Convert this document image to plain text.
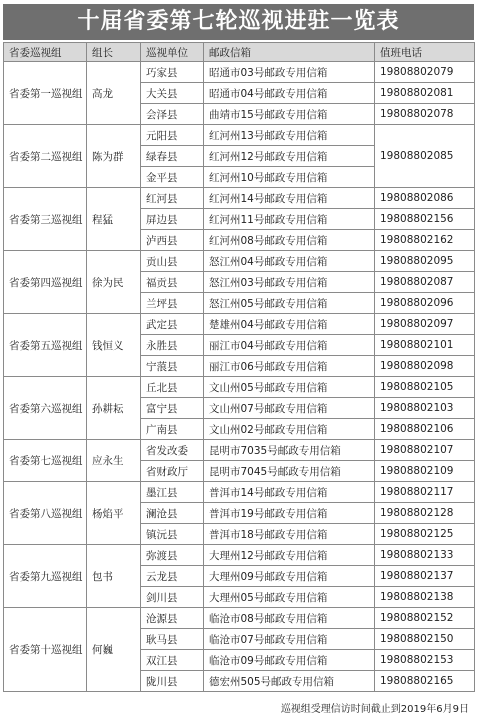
十届省委第七轮巡视进驻一览表
省委巡视组	组长	巡视单位	邮政信箱	值班电话
省委第一巡视组	高龙	巧家县	昭通市03号邮政专用信箱	19808802079
		大关县	昭通市04号邮政专用信箱	19808802081
		会泽县	曲靖市15号邮政专用信箱	19808802078
省委第二巡视组	陈为群	元阳县	红河州13号邮政专用信箱	19808802085
		绿春县	红河州12号邮政专用信箱	
		金平县	红河州10号邮政专用信箱	
省委第三巡视组	程猛	红河县	红河州14号邮政专用信箱	19808802086
		屏边县	红河州11号邮政专用信箱	19808802156
		泸西县	红河州08号邮政专用信箱	19808802162
省委第四巡视组	徐为民	贡山县	怒江州04号邮政专用信箱	19808802095
		福贡县	怒江州03号邮政专用信箱	19808802087
		兰坪县	怒江州05号邮政专用信箱	19808802096
省委第五巡视组	钱恒义	武定县	楚雄州04号邮政专用信箱	19808802097
		永胜县	丽江市04号邮政专用信箱	19808802101
		宁蒗县	丽江市06号邮政专用信箱	19808802098
省委第六巡视组	孙耕耘	丘北县	文山州05号邮政专用信箱	19808802105
		富宁县	文山州07号邮政专用信箱	19808802103
		广南县	文山州02号邮政专用信箱	19808802106
省委第七巡视组	应永生	省发改委	昆明市7035号邮政专用信箱	19808802107
		省财政厅	昆明市7045号邮政专用信箱	19808802109
省委第八巡视组	杨焰平	墨江县	普洱市14号邮政专用信箱	19808802117
		澜沧县	普洱市19号邮政专用信箱	19808802128
		镇沅县	普洱市18号邮政专用信箱	19808802125
省委第九巡视组	包书	弥渡县	大理州12号邮政专用信箱	19808802133
		云龙县	大理州09号邮政专用信箱	19808802137
		剑川县	大理州05号邮政专用信箱	19808802138
省委第十巡视组	何巍	沧源县	临沧市08号邮政专用信箱	19808802152
		耿马县	临沧市07号邮政专用信箱	19808802150
		双江县	临沧市09号邮政专用信箱	19808802153
		陇川县	德宏州505号邮政专用信箱	19808802165
巡视组受理信访时间截止到2019年6月9日
